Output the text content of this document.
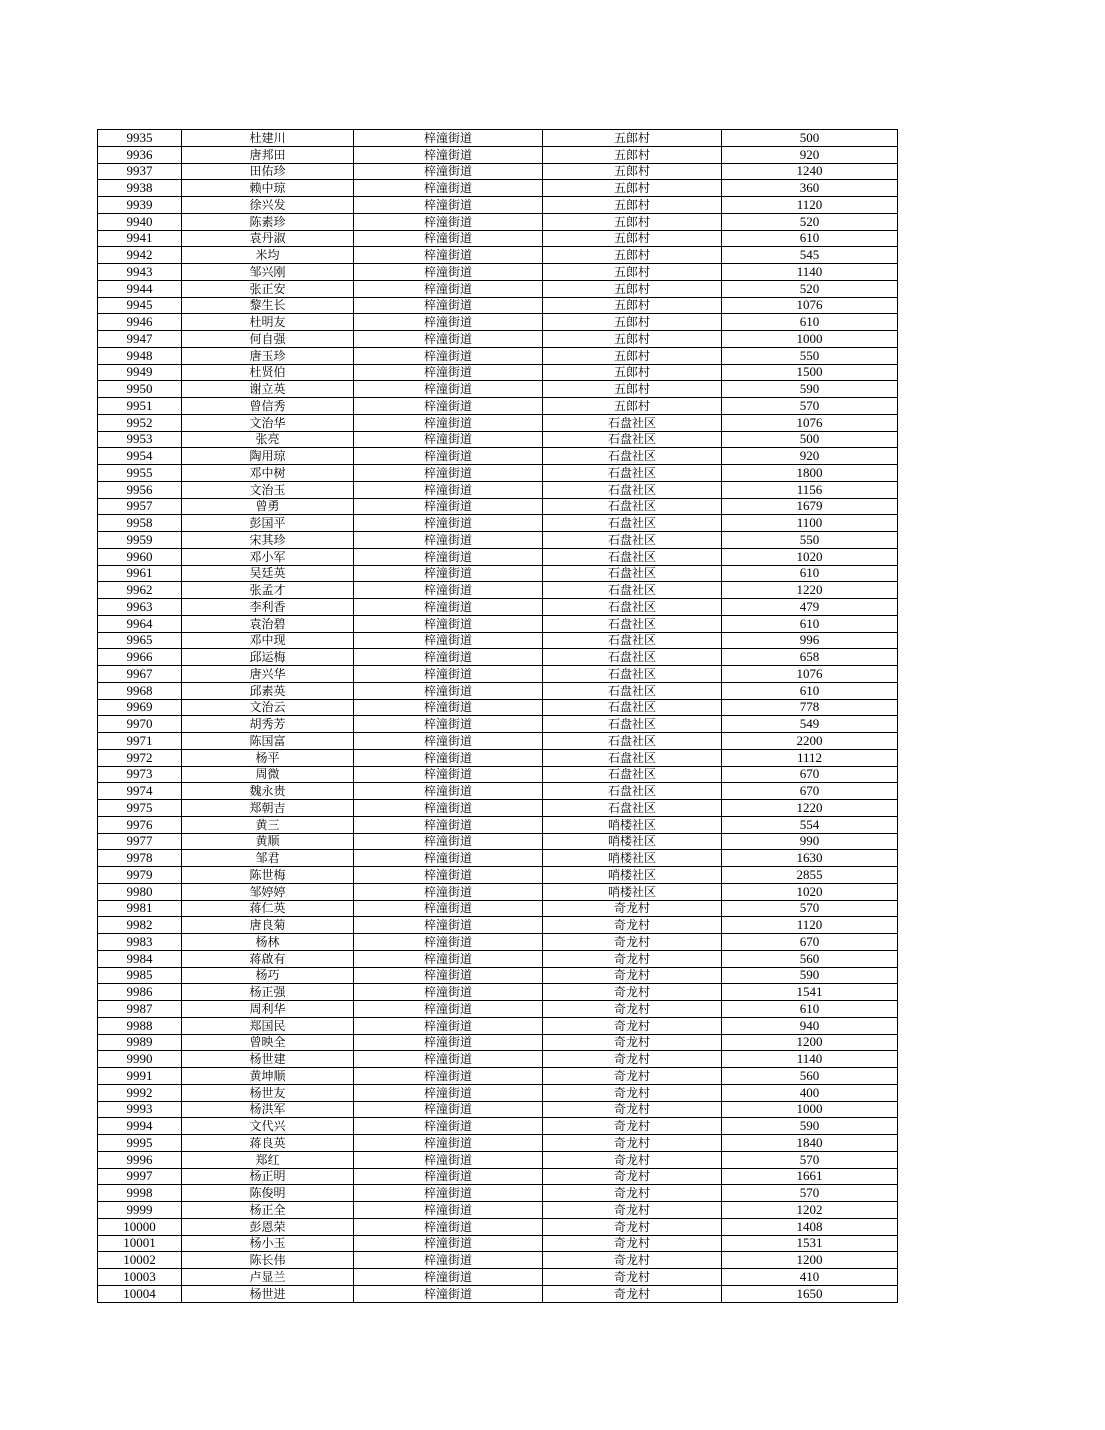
9935	杜建川	梓潼街道	五郎村	500
9936	唐邦田	梓潼街道	五郎村	920
9937	田佑珍	梓潼街道	五郎村	1240
9938	赖中琼	梓潼街道	五郎村	360
9939	徐兴发	梓潼街道	五郎村	1120
9940	陈素珍	梓潼街道	五郎村	520
9941	袁丹淑	梓潼街道	五郎村	610
9942	米均	梓潼街道	五郎村	545
9943	邹兴刚	梓潼街道	五郎村	1140
9944	张正安	梓潼街道	五郎村	520
9945	黎生长	梓潼街道	五郎村	1076
9946	杜明友	梓潼街道	五郎村	610
9947	何自强	梓潼街道	五郎村	1000
9948	唐玉珍	梓潼街道	五郎村	550
9949	杜贤伯	梓潼街道	五郎村	1500
9950	谢立英	梓潼街道	五郎村	590
9951	曾信秀	梓潼街道	五郎村	570
9952	文治华	梓潼街道	石盘社区	1076
9953	张亮	梓潼街道	石盘社区	500
9954	陶用琼	梓潼街道	石盘社区	920
9955	邓中树	梓潼街道	石盘社区	1800
9956	文治玉	梓潼街道	石盘社区	1156
9957	曾勇	梓潼街道	石盘社区	1679
9958	彭国平	梓潼街道	石盘社区	1100
9959	宋其珍	梓潼街道	石盘社区	550
9960	邓小军	梓潼街道	石盘社区	1020
9961	吴廷英	梓潼街道	石盘社区	610
9962	张孟才	梓潼街道	石盘社区	1220
9963	李利香	梓潼街道	石盘社区	479
9964	袁治碧	梓潼街道	石盘社区	610
9965	邓中现	梓潼街道	石盘社区	996
9966	邱运梅	梓潼街道	石盘社区	658
9967	唐兴华	梓潼街道	石盘社区	1076
9968	邱素英	梓潼街道	石盘社区	610
9969	文治云	梓潼街道	石盘社区	778
9970	胡秀芳	梓潼街道	石盘社区	549
9971	陈国富	梓潼街道	石盘社区	2200
9972	杨平	梓潼街道	石盘社区	1112
9973	周微	梓潼街道	石盘社区	670
9974	魏永贵	梓潼街道	石盘社区	670
9975	郑朝吉	梓潼街道	石盘社区	1220
9976	黄三	梓潼街道	哨楼社区	554
9977	黄顺	梓潼街道	哨楼社区	990
9978	邹君	梓潼街道	哨楼社区	1630
9979	陈世梅	梓潼街道	哨楼社区	2855
9980	邹婷婷	梓潼街道	哨楼社区	1020
9981	蒋仁英	梓潼街道	奇龙村	570
9982	唐良菊	梓潼街道	奇龙村	1120
9983	杨林	梓潼街道	奇龙村	670
9984	蒋啟有	梓潼街道	奇龙村	560
9985	杨巧	梓潼街道	奇龙村	590
9986	杨正强	梓潼街道	奇龙村	1541
9987	周利华	梓潼街道	奇龙村	610
9988	郑国民	梓潼街道	奇龙村	940
9989	曾映全	梓潼街道	奇龙村	1200
9990	杨世建	梓潼街道	奇龙村	1140
9991	黄坤顺	梓潼街道	奇龙村	560
9992	杨世友	梓潼街道	奇龙村	400
9993	杨洪军	梓潼街道	奇龙村	1000
9994	文代兴	梓潼街道	奇龙村	590
9995	蒋良英	梓潼街道	奇龙村	1840
9996	郑红	梓潼街道	奇龙村	570
9997	杨正明	梓潼街道	奇龙村	1661
9998	陈俊明	梓潼街道	奇龙村	570
9999	杨正全	梓潼街道	奇龙村	1202
10000	彭恩荣	梓潼街道	奇龙村	1408
10001	杨小玉	梓潼街道	奇龙村	1531
10002	陈长伟	梓潼街道	奇龙村	1200
10003	卢显兰	梓潼街道	奇龙村	410
10004	杨世进	梓潼街道	奇龙村	1650
